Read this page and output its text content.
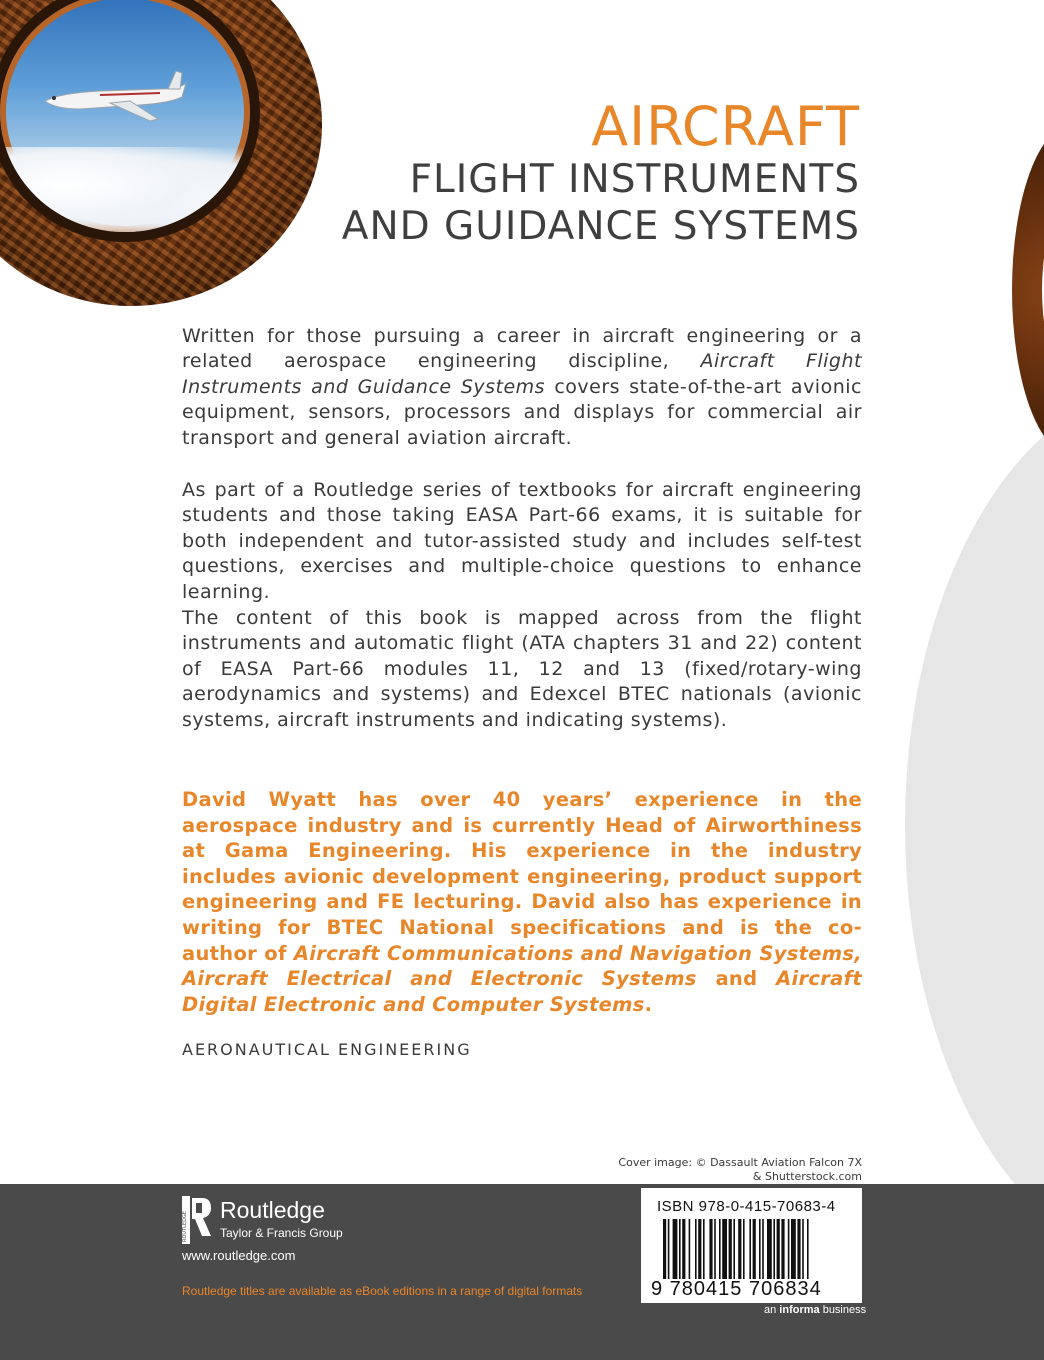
AIRCRAFT
FLIGHT INSTRUMENTS
AND GUIDANCE SYSTEMS

Written for those pursuing a career in aircraft engineering or a related aerospace engineering discipline, Aircraft Flight Instruments and Guidance Systems covers state-of-the-art avionic equipment, sensors, processors and displays for commercial air transport and general aviation aircraft.

As part of a Routledge series of textbooks for aircraft engineering students and those taking EASA Part-66 exams, it is suitable for both independent and tutor-assisted study and includes self-test questions, exercises and multiple-choice questions to enhance learning.

The content of this book is mapped across from the flight instruments and automatic flight (ATA chapters 31 and 22) content of EASA Part-66 modules 11, 12 and 13 (fixed/rotary-wing aerodynamics and systems) and Edexcel BTEC nationals (avionic systems, aircraft instruments and indicating systems).

David Wyatt has over 40 years’ experience in the aerospace industry and is currently Head of Airworthiness at Gama Engineering. His experience in the industry includes avionic development engineering, product support engineering and FE lecturing. David also has experience in writing for BTEC National specifications and is the co-author of Aircraft Communications and Navigation Systems, Aircraft Electrical and Electronic Systems and Aircraft Digital Electronic and Computer Systems.

AERONAUTICAL ENGINEERING
Cover image: © Dassault Aviation Falcon 7X
& Shutterstock.com
ROUTLEDGE
Routledge
Taylor & Francis Group
www.routledge.com
Routledge titles are available as eBook editions in a range of digital formats
ISBN 978-0-415-70683-4
9 780415 706834
an informa business
